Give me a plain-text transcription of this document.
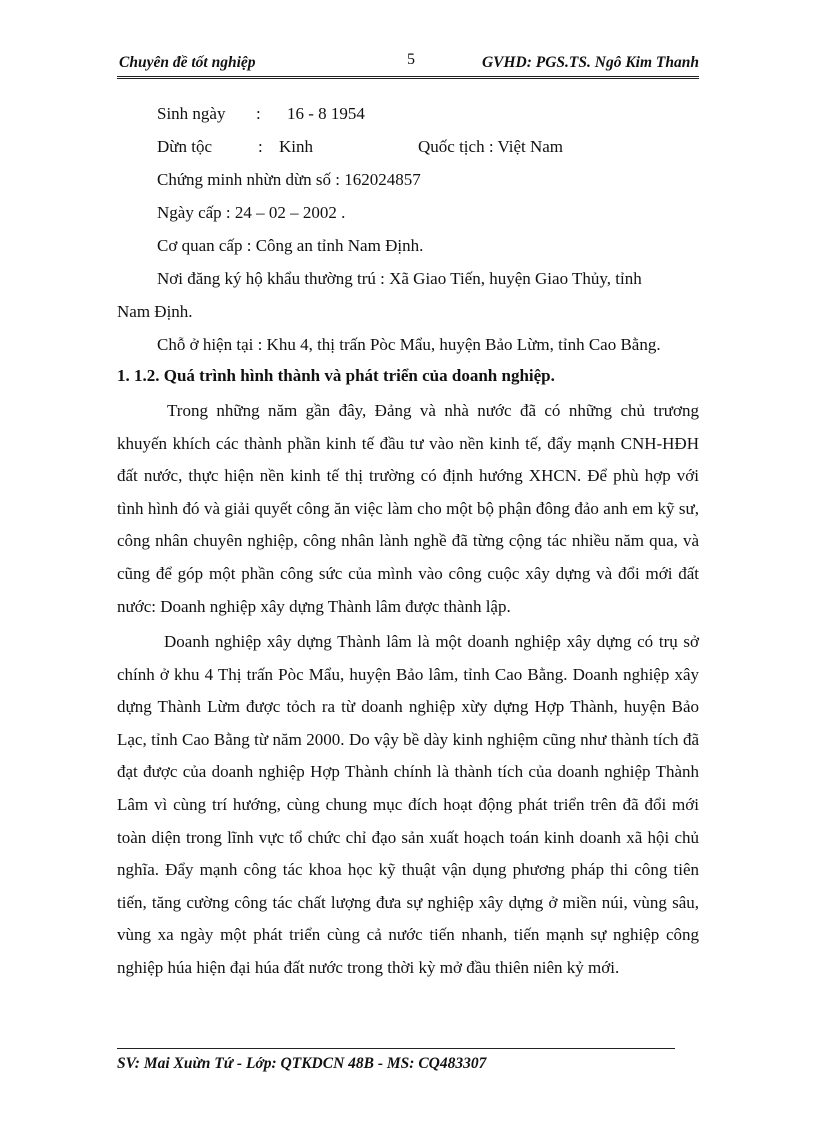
Chuyên đề tốt nghiệp	5	GVHD: PGS.TS. Ngô Kim Thanh
Sinh ngày : 16 - 8 1954
Dừn tộc	: Kinh	Quốc tịch : Việt Nam
Chứng minh nhừn dừn số : 162024857
Ngày cấp : 24 – 02 – 2002 .
Cơ quan cấp : Công an tỉnh Nam Định.
Nơi đăng ký hộ khẩu thường trú : Xã Giao Tiến, huyện Giao Thủy, tỉnh
Nam Định.
Chỗ ở hiện tại : Khu 4, thị trấn Pòc Mẩu, huyện Bảo Lừm, tỉnh Cao Bằng.
1. 1.2. Quá trình hình thành và phát triển của doanh nghiệp.
Trong những năm gần đây, Đảng và nhà nước đã có những chủ trương khuyến khích các thành phần kinh tế đầu tư vào nền kinh tế, đẩy mạnh CNH-HĐH đất nước, thực hiện nền kinh tế thị trường có định hướng XHCN. Để phù hợp với tình hình đó và giải quyết công ăn việc làm cho một bộ phận đông đảo anh em kỹ sư, công nhân chuyên nghiệp, công nhân lành nghề đã từng cộng tác nhiều năm qua, và cũng để góp một phần công sức của mình vào công cuộc xây dựng và đổi mới đất nước: Doanh nghiệp xây dựng Thành lâm được thành lập.
Doanh nghiệp xây dựng Thành lâm là một doanh nghiệp xây dựng có trụ sở chính ở khu 4 Thị trấn Pòc Mẩu, huyện Bảo lâm, tỉnh Cao Bằng. Doanh nghiệp xây dựng Thành Lừm được tỏch ra từ doanh nghiệp xừy dựng Hợp Thành, huyện Bảo Lạc, tỉnh Cao Bằng từ năm 2000. Do vậy bề dày kinh nghiệm cũng như thành tích đã đạt được của doanh nghiệp Hợp Thành chính là thành tích của doanh nghiệp Thành Lâm vì cùng trí hướng, cùng chung mục đích hoạt động phát triển trên đã đổi mới toàn diện trong lĩnh vực tổ chức chỉ đạo sản xuất hoạch toán kinh doanh xã hội chủ nghĩa. Đẩy mạnh công tác khoa học kỹ thuật vận dụng phương pháp thi công tiên tiến, tăng cường công tác chất lượng đưa sự nghiệp xây dựng ở miền núi, vùng sâu, vùng xa ngày một phát triển cùng cả nước tiến nhanh, tiến mạnh sự nghiệp công nghiệp húa hiện đại húa đất nước trong thời kỳ mở đầu thiên niên kỷ mới.
SV: Mai Xuừn Tứ - Lớp: QTKDCN 48B - MS: CQ483307
